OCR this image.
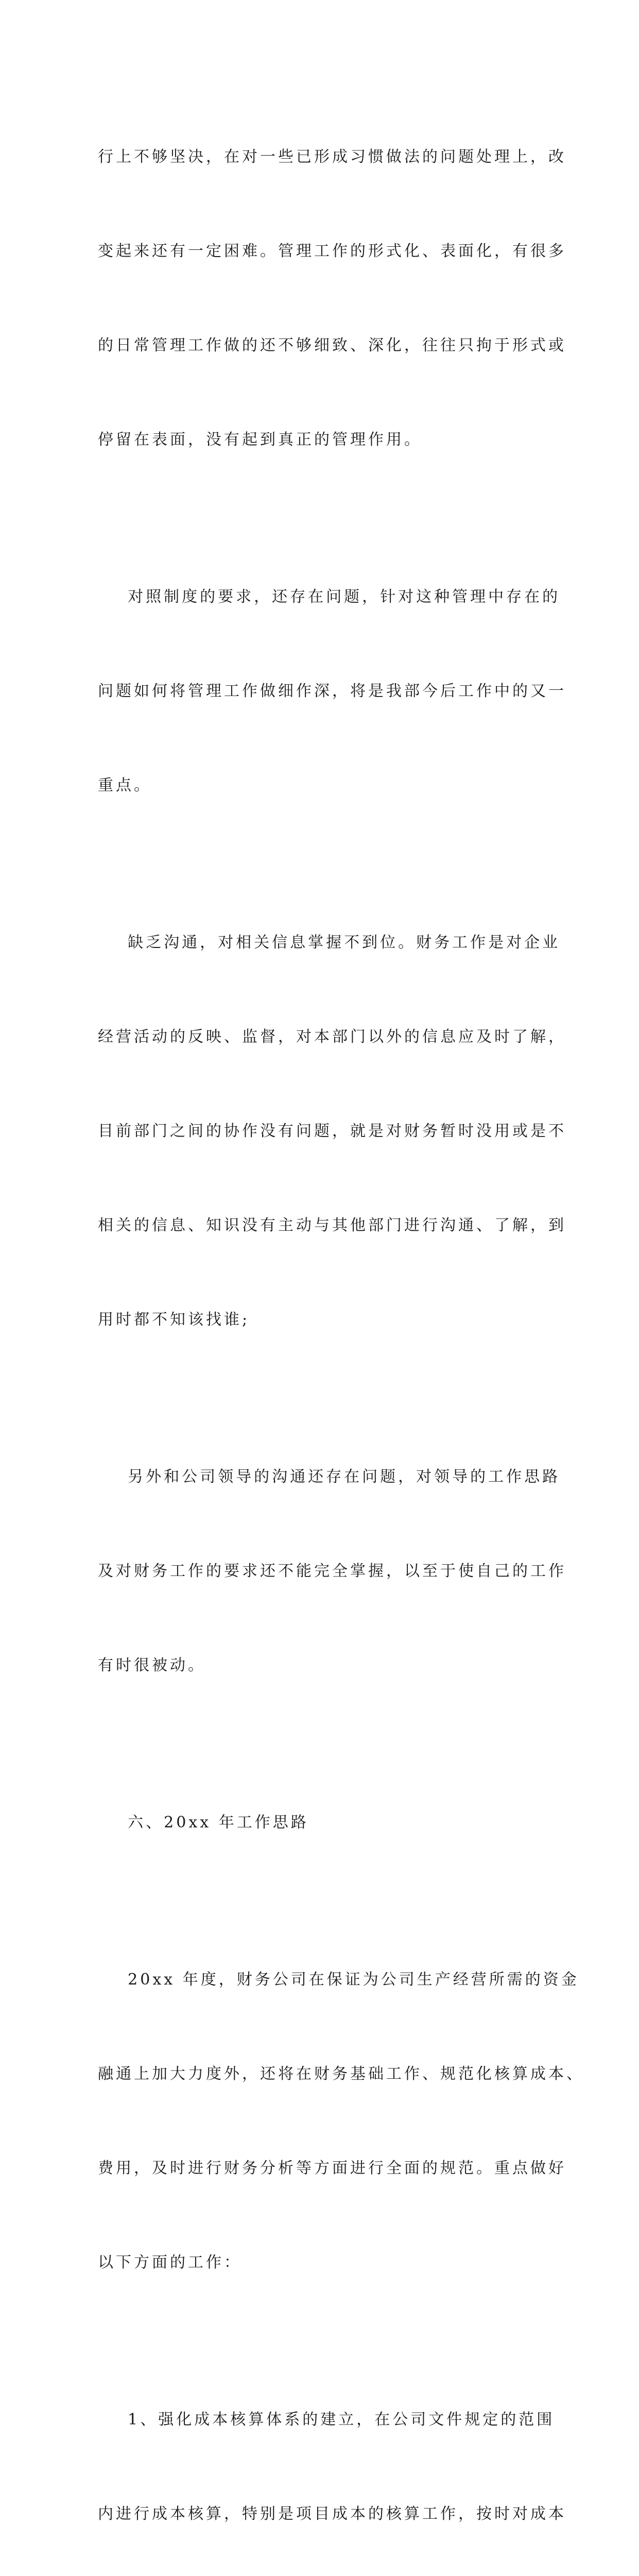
行上不够坚决，在对一些已形成习惯做法的问题处理上，改

变起来还有一定困难。管理工作的形式化、表面化，有很多

的日常管理工作做的还不够细致、深化，往往只拘于形式或

停留在表面，没有起到真正的管理作用。

对照制度的要求，还存在问题，针对这种管理中存在的

问题如何将管理工作做细作深，将是我部今后工作中的又一

重点。

缺乏沟通，对相关信息掌握不到位。财务工作是对企业

经营活动的反映、监督，对本部门以外的信息应及时了解，

目前部门之间的协作没有问题，就是对财务暂时没用或是不

相关的信息、知识没有主动与其他部门进行沟通、了解，到

用时都不知该找谁;

另外和公司领导的沟通还存在问题，对领导的工作思路

及对财务工作的要求还不能完全掌握，以至于使自己的工作

有时很被动。

六、20xx 年工作思路

20xx 年度，财务公司在保证为公司生产经营所需的资金

融通上加大力度外，还将在财务基础工作、规范化核算成本、

费用，及时进行财务分析等方面进行全面的规范。重点做好

以下方面的工作：

1、强化成本核算体系的建立，在公司文件规定的范围

内进行成本核算，特别是项目成本的核算工作，按时对成本
